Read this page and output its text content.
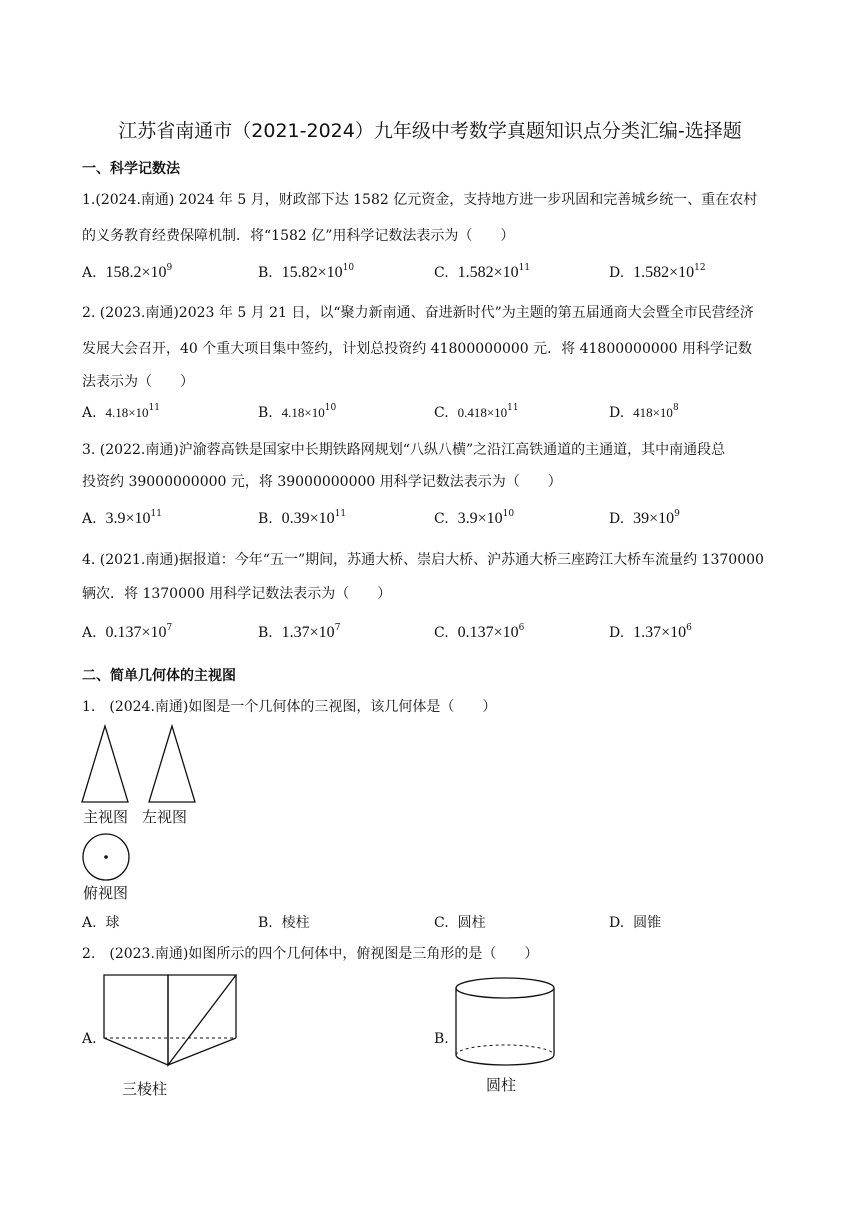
江苏省南通市（2021-2024）九年级中考数学真题知识点分类汇编-选择题
一、科学记数法
1.(2024.南通) 2024 年 5 月，财政部下达 1582 亿元资金，支持地方进一步巩固和完善城乡统一、重在农村
的义务教育经费保障机制．将“1582 亿”用科学记数法表示为（　　）
A. $158.2\times 10^9$	B. $15.82\times 10^{10}$	C. $1.582\times 10^{11}$	D. $1.582\times 10^{12}$
2. (2023.南通)2023 年 5 月 21 日，以“聚力新南通、奋进新时代”为主题的第五届通商大会暨全市民营经济
发展大会召开，40 个重大项目集中签约，计划总投资约 41800000000 元．将 41800000000 用科学记数
法表示为（　　）
A. $4.18\times 10^{11}$	B. $4.18\times 10^{10}$	C. $0.418\times 10^{11}$	D. $418\times 10^8$
3. (2022.南通)沪渝蓉高铁是国家中长期铁路网规划“八纵八横”之沿江高铁通道的主通道，其中南通段总
投资约 39000000000 元，将 39000000000 用科学记数法表示为（　　）
A. $3.9\times 10^{11}$	B. $0.39\times 10^{11}$	C. $3.9\times 10^{10}$	D. $39\times 10^9$
4. (2021.南通)据报道：今年“五一”期间，苏通大桥、崇启大桥、沪苏通大桥三座跨江大桥车流量约 1370000
辆次．将 1370000 用科学记数法表示为（　　）
A. $0.137\times 10^7$	B. $1.37\times 10^7$	C. $0.137\times 10^6$	D. $1.37\times 10^6$
二、简单几何体的主视图
1.　(2024.南通)如图是一个几何体的三视图，该几何体是（　　）
主视图 左视图
俯视图
A. 球	B. 棱柱	C. 圆柱	D. 圆锥
2.　(2023.南通)如图所示的四个几何体中，俯视图是三角形的是（　　）
A.
三棱柱
B.
圆柱
